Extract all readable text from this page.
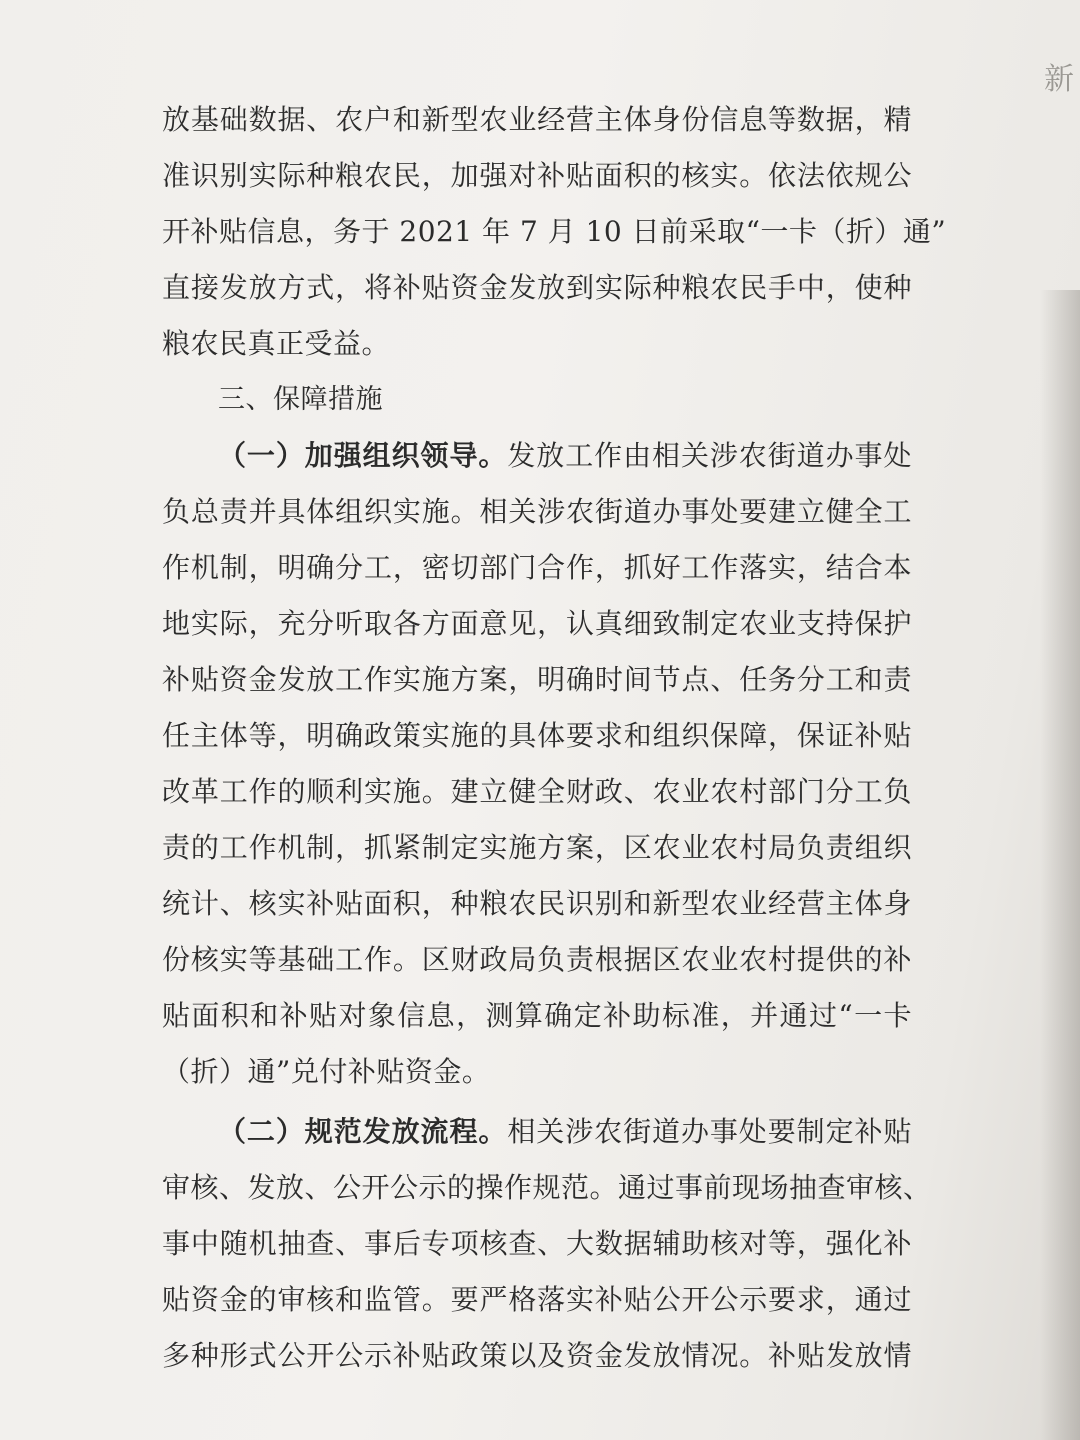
新
放基础数据、农户和新型农业经营主体身份信息等数据，精
准识别实际种粮农民，加强对补贴面积的核实。依法依规公
开补贴信息，务于 2021 年 7 月 10 日前采取“一卡（折）通”
直接发放方式，将补贴资金发放到实际种粮农民手中，使种
粮农民真正受益。
三、保障措施
（一）加强组织领导。发放工作由相关涉农街道办事处
负总责并具体组织实施。相关涉农街道办事处要建立健全工
作机制，明确分工，密切部门合作，抓好工作落实，结合本
地实际，充分听取各方面意见，认真细致制定农业支持保护
补贴资金发放工作实施方案，明确时间节点、任务分工和责
任主体等，明确政策实施的具体要求和组织保障，保证补贴
改革工作的顺利实施。建立健全财政、农业农村部门分工负
责的工作机制，抓紧制定实施方案，区农业农村局负责组织
统计、核实补贴面积，种粮农民识别和新型农业经营主体身
份核实等基础工作。区财政局负责根据区农业农村提供的补
贴面积和补贴对象信息，测算确定补助标准，并通过“一卡
（折）通”兑付补贴资金。
（二）规范发放流程。相关涉农街道办事处要制定补贴
审核、发放、公开公示的操作规范。通过事前现场抽查审核、
事中随机抽查、事后专项核查、大数据辅助核对等，强化补
贴资金的审核和监管。要严格落实补贴公开公示要求，通过
多种形式公开公示补贴政策以及资金发放情况。补贴发放情
